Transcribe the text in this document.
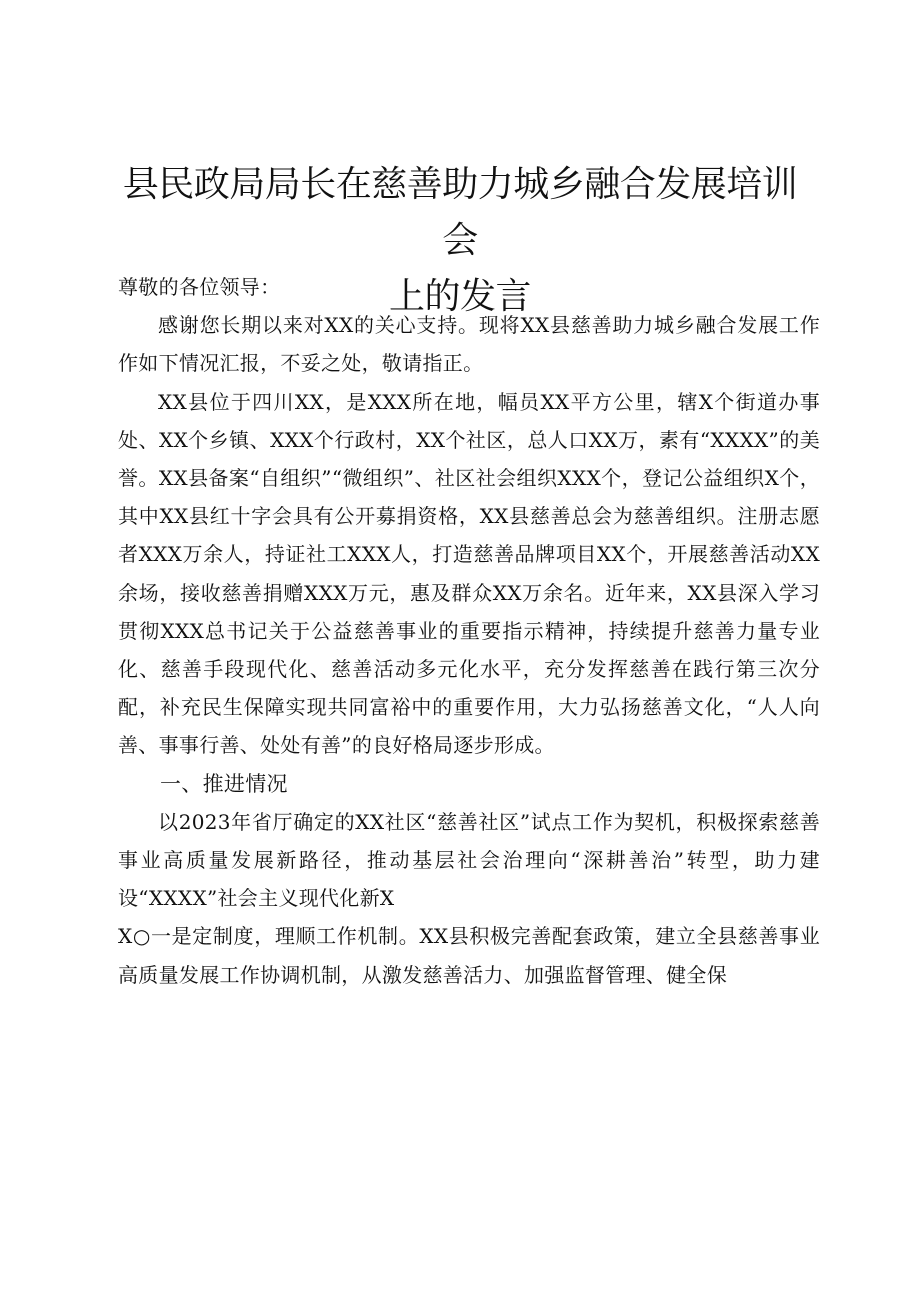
县民政局局长在慈善助力城乡融合发展培训会
上的发言

尊敬的各位领导：

感谢您长期以来对XX的关心支持。现将XX县慈善助力城乡融合发展工作作如下情况汇报，不妥之处，敬请指正。

XX县位于四川XX，是XXX所在地，幅员XX平方公里，辖X个街道办事处、XX个乡镇、XXX个行政村，XX个社区，总人口XX万，素有“XXXX”的美誉。XX县备案“自组织”“微组织”、社区社会组织XXX个，登记公益组织X个，其中XX县红十字会具有公开募捐资格，XX县慈善总会为慈善组织。注册志愿者XXX万余人，持证社工XXX人，打造慈善品牌项目XX个，开展慈善活动XX余场，接收慈善捐赠XXX万元，惠及群众XX万余名。近年来，XX县深入学习贯彻XXX总书记关于公益慈善事业的重要指示精神，持续提升慈善力量专业化、慈善手段现代化、慈善活动多元化水平，充分发挥慈善在践行第三次分配，补充民生保障实现共同富裕中的重要作用，大力弘扬慈善文化，“人人向善、事事行善、处处有善”的良好格局逐步形成。

一、推进情况

以2023年省厅确定的XX社区“慈善社区”试点工作为契机，积极探索慈善事业高质量发展新路径，推动基层社会治理向“深耕善治”转型，助力建设“XXXX”社会主义现代化新X

X○一是定制度，理顺工作机制。XX县积极完善配套政策，建立全县慈善事业高质量发展工作协调机制，从激发慈善活力、加强监督管理、健全保
